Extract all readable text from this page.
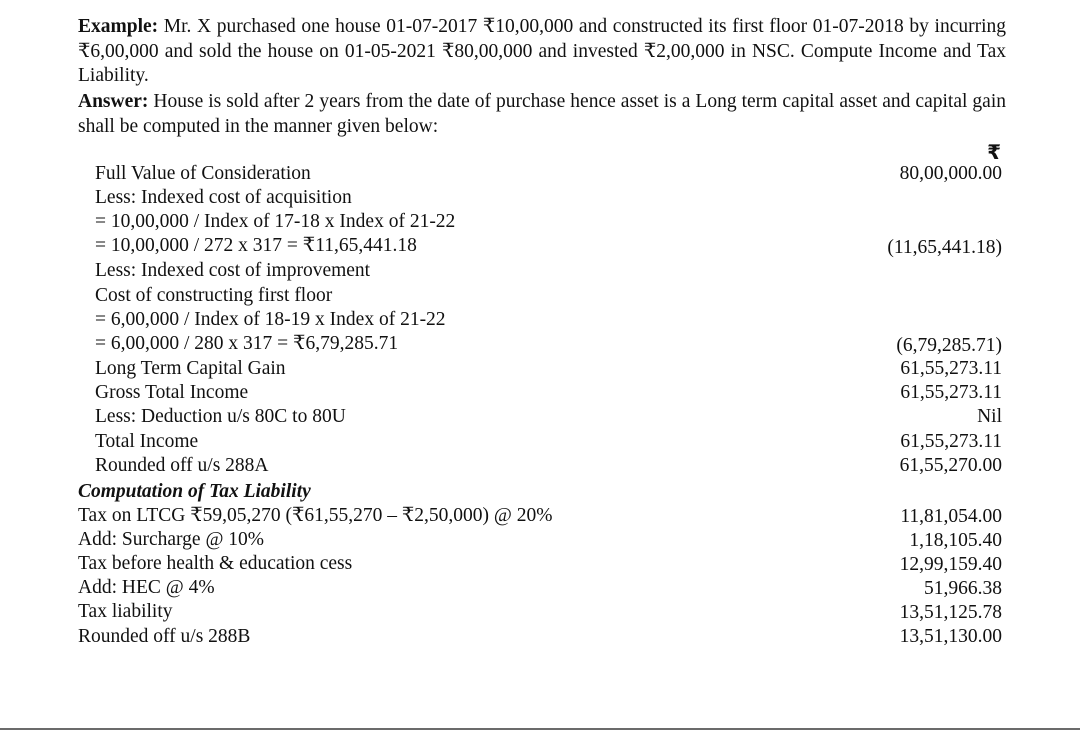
Example: Mr. X purchased one house 01-07-2017 ₹10,00,000 and constructed its first floor 01-07-2018 by incurring ₹6,00,000 and sold the house on 01-05-2021 ₹80,00,000 and invested ₹2,00,000 in NSC. Compute Income and Tax Liability.
Answer: House is sold after 2 years from the date of purchase hence asset is a Long term capital asset and capital gain shall be computed in the manner given below:
₹
Full Value of Consideration	80,00,000.00
Less: Indexed cost of acquisition
= 10,00,000 / Index of 17-18 x Index of 21-22
= 10,00,000 / 272 x 317 = ₹11,65,441.18	(11,65,441.18)
Less: Indexed cost of improvement
Cost of constructing first floor
= 6,00,000 / Index of 18-19 x Index of 21-22
= 6,00,000 / 280 x 317 = ₹6,79,285.71	(6,79,285.71)
Long Term Capital Gain	61,55,273.11
Gross Total Income	61,55,273.11
Less: Deduction u/s 80C to 80U	Nil
Total Income	61,55,273.11
Rounded off u/s 288A	61,55,270.00
Computation of Tax Liability
Tax on LTCG ₹59,05,270 (₹61,55,270 – ₹2,50,000) @ 20%	11,81,054.00
Add: Surcharge @ 10%	1,18,105.40
Tax before health & education cess	12,99,159.40
Add: HEC @ 4%	51,966.38
Tax liability	13,51,125.78
Rounded off u/s 288B	13,51,130.00
